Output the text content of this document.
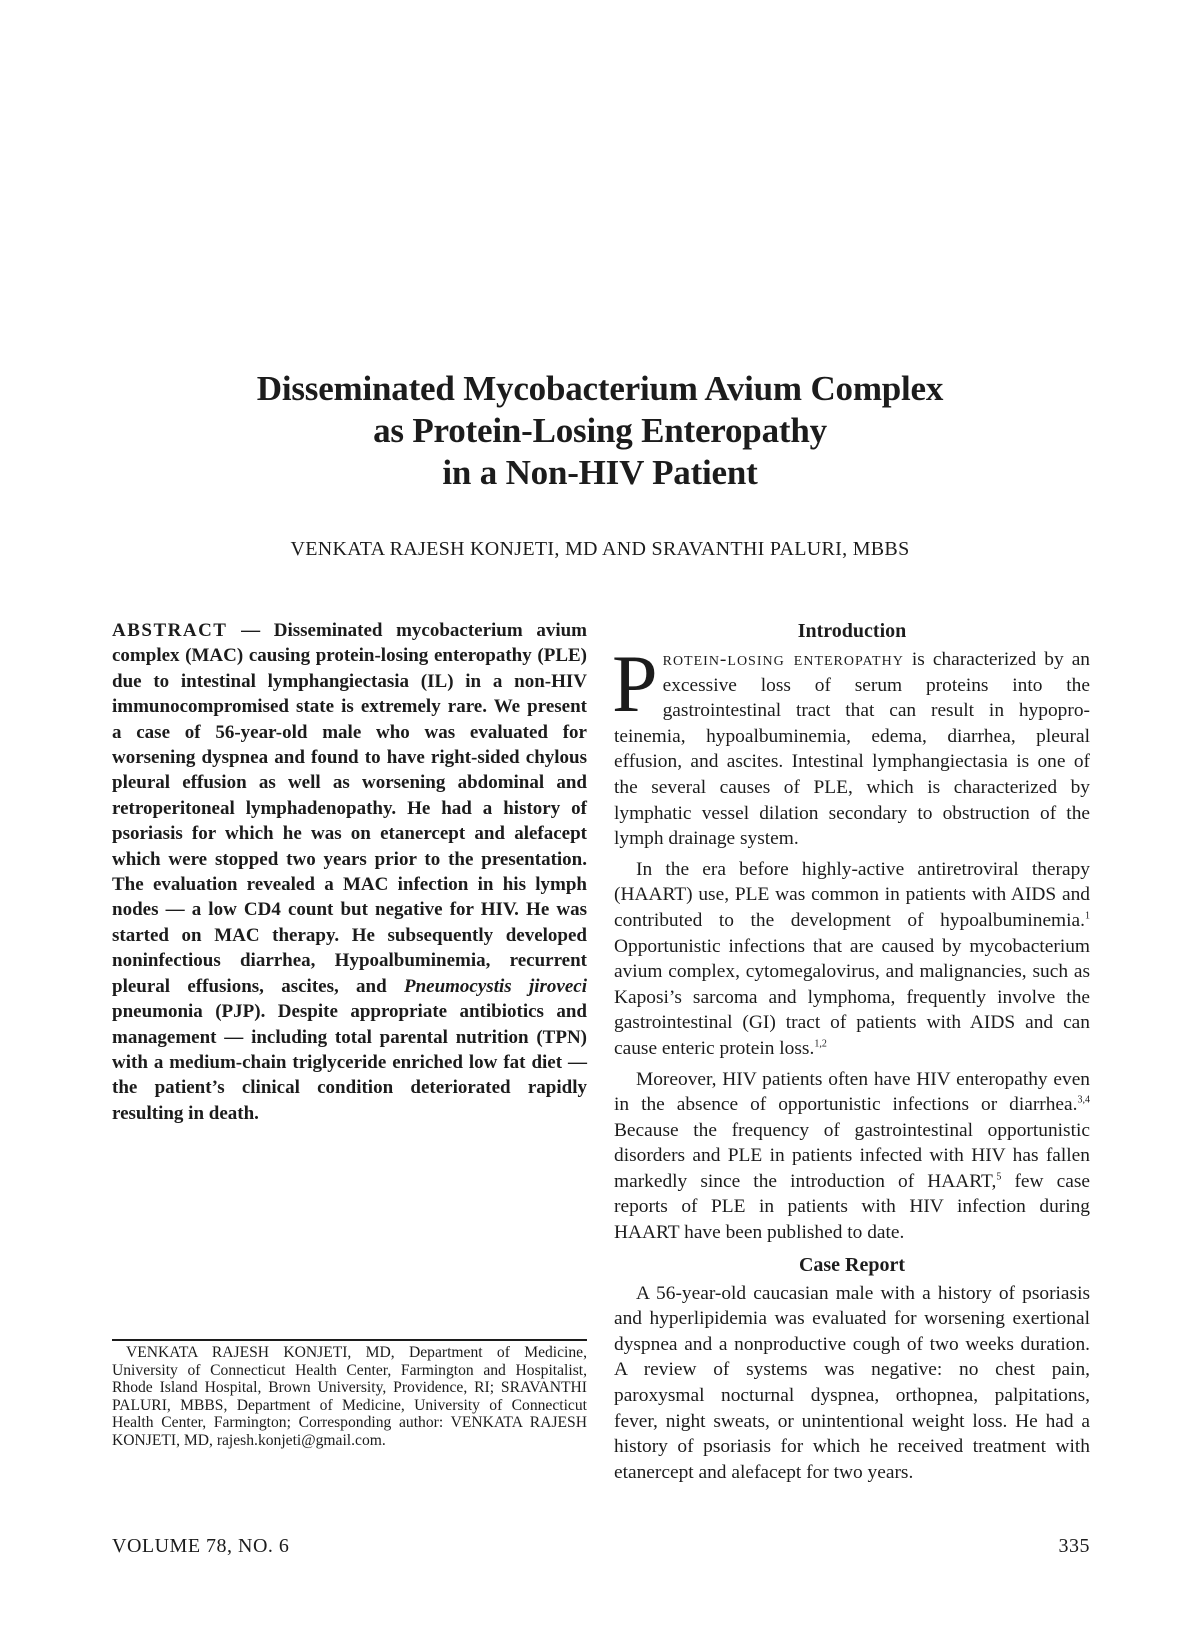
Disseminated Mycobacterium Avium Complex
as Protein-Losing Enteropathy
in a Non-HIV Patient
VENKATA RAJESH KONJETI, MD AND SRAVANTHI PALURI, MBBS
ABSTRACT — Disseminated mycobacterium avium complex (MAC) causing protein-losing enteropathy (PLE) due to intestinal lymphangiectasia (IL) in a non-HIV immunocompromised state is extremely rare. We present a case of 56-year-old male who was evaluated for worsening dyspnea and found to have right-sided chylous pleural effusion as well as worsening abdominal and retroperitoneal lymphadenopathy. He had a history of psoriasis for which he was on etanercept and alefacept which were stopped two years prior to the presentation. The evaluation revealed a MAC infection in his lymph nodes — a low CD4 count but negative for HIV. He was started on MAC therapy. He subsequently developed noninfectious diarrhea, Hypoalbuminemia, recurrent pleural effusions, ascites, and Pneumocystis jiroveci pneumonia (PJP). Despite appropriate antibiotics and management — including total parental nutrition (TPN) with a medium-chain triglyceride enriched low fat diet —the patient’s clinical condition deteriorated rapidly resulting in death.
VENKATA RAJESH KONJETI, MD, Department of Medicine, University of Connecticut Health Center, Farmington and Hospitalist, Rhode Island Hospital, Brown University, Providence, RI; SRAVANTHI PALURI, MBBS, Department of Medicine, University of Connecticut Health Center, Farmington; Corresponding author: VENKATA RAJESH KONJETI, MD, rajesh.konjeti@gmail.com.
Introduction

Protein-losing enteropathy is characterized by an excessive loss of serum proteins into the gastrointestinal tract that can result in hypoproteinemia, hypoalbuminemia, edema, diarrhea, pleural effusion, and ascites. Intestinal lymphangiectasia is one of the several causes of PLE, which is characterized by lymphatic vessel dilation secondary to obstruction of the lymph drainage system.

In the era before highly-active antiretroviral therapy (HAART) use, PLE was common in patients with AIDS and contributed to the development of hypoalbuminemia.$^1$ Opportunistic infections that are caused by mycobacterium avium complex, cytomegalovirus, and malignancies, such as Kaposi’s sarcoma and lymphoma, frequently involve the gastrointestinal (GI) tract of patients with AIDS and can cause enteric protein loss.$^{1,2}$

Moreover, HIV patients often have HIV enteropathy even in the absence of opportunistic infections or diarrhea.$^{3,4}$ Because the frequency of gastrointestinal opportunistic disorders and PLE in patients infected with HIV has fallen markedly since the introduction of HAART,$^5$ few case reports of PLE in patients with HIV infection during HAART have been published to date.

Case Report

A 56-year-old caucasian male with a history of psoriasis and hyperlipidemia was evaluated for worsening exertional dyspnea and a nonproductive cough of two weeks duration. A review of systems was negative: no chest pain, paroxysmal nocturnal dyspnea, orthopnea, palpitations, fever, night sweats, or unintentional weight loss. He had a history of psoriasis for which he received treatment with etanercept and alefacept for two years.

VOLUME 78, NO. 6	335
